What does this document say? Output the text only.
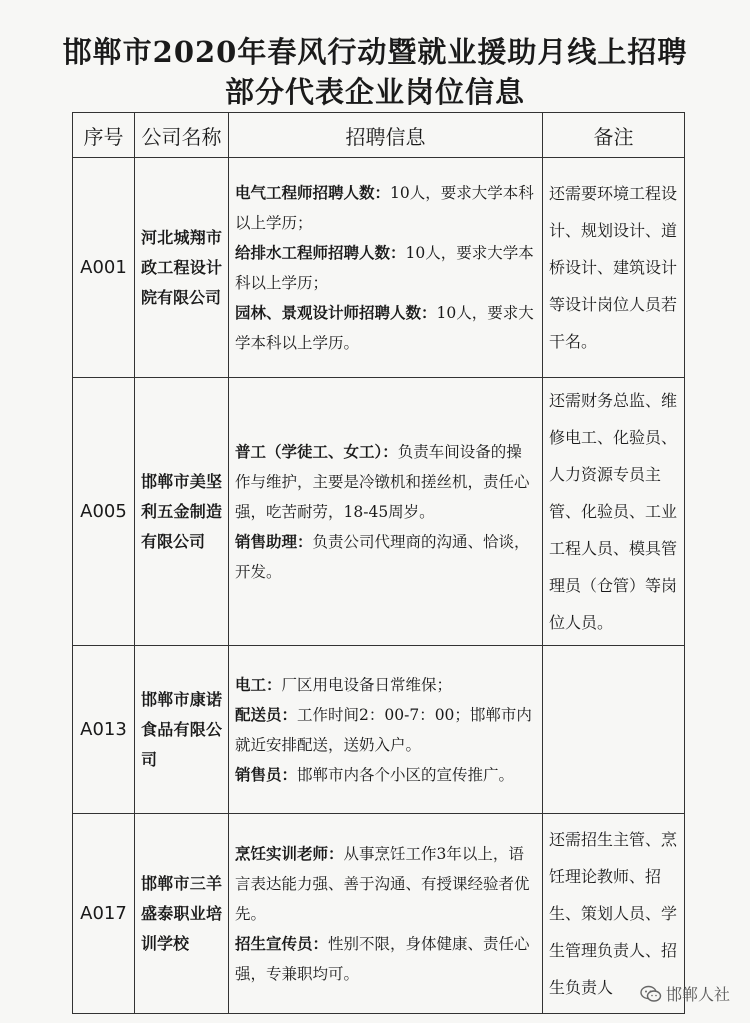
邯郸市2020年春风行动暨就业援助月线上招聘
部分代表企业岗位信息
序号	公司名称	招聘信息	备注
A001	河北城翔市政工程设计院有限公司	电气工程师招聘人数：10人，要求大学本科以上学历；

给排水工程师招聘人数：10人，要求大学本科以上学历；

园林、景观设计师招聘人数：10人，要求大学本科以上学历。	还需要环境工程设计、规划设计、道桥设计、建筑设计等设计岗位人员若干名。
A005	邯郸市美坚利五金制造有限公司	普工（学徒工、女工）：负责车间设备的操作与维护，主要是冷镦机和搓丝机，责任心强，吃苦耐劳，18-45周岁。

销售助理：负责公司代理商的沟通、恰谈，开发。	还需财务总监、维修电工、化验员、人力资源专员主管、化验员、工业工程人员、模具管理员（仓管）等岗位人员。
A013	邯郸市康诺食品有限公司	电工：厂区用电设备日常维保；

配送员：工作时间2：00-7：00；邯郸市内就近安排配送，送奶入户。

销售员：邯郸市内各个小区的宣传推广。	

A017	邯郸市三羊盛泰职业培训学校	烹饪实训老师：从事烹饪工作3年以上，语言表达能力强、善于沟通、有授课经验者优先。

招生宣传员：性别不限，身体健康、责任心强，专兼职均可。	还需招生主管、烹饪理论教师、招生、策划人员、学生管理负责人、招生负责人	邯郸人社
